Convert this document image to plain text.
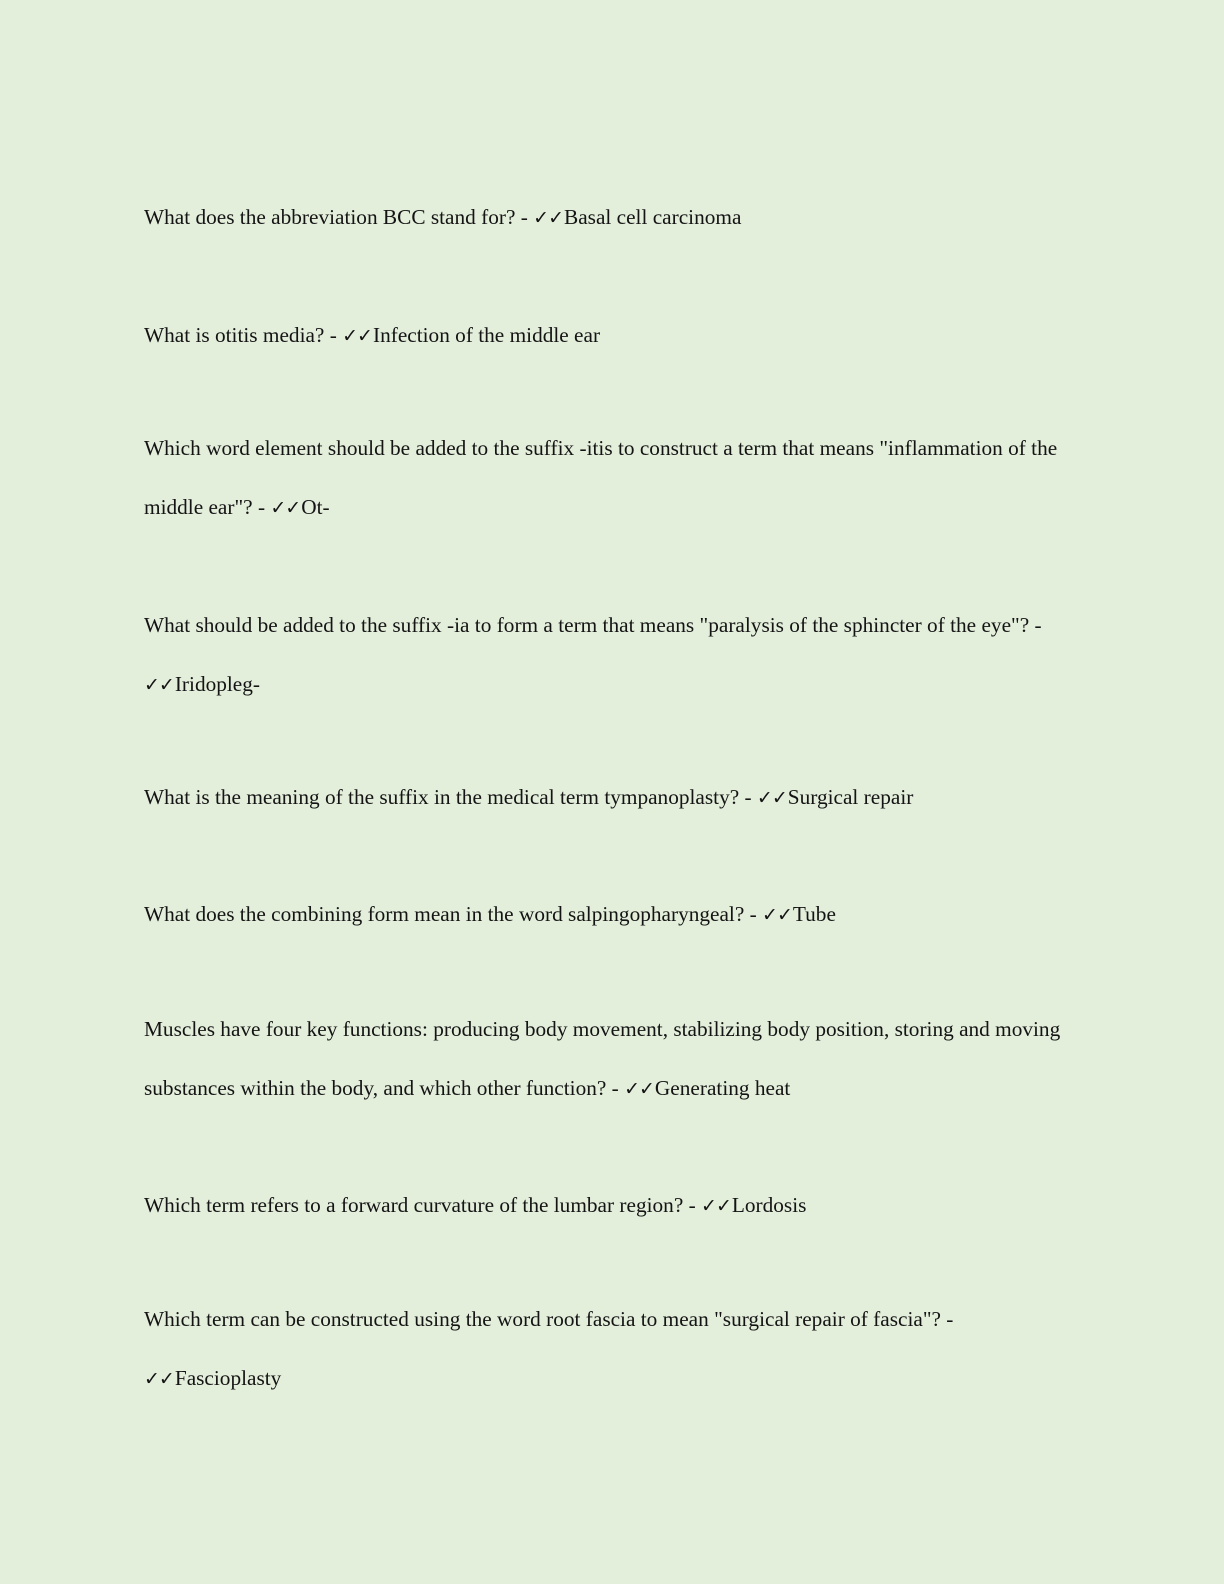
What does the abbreviation BCC stand for? - ✓✓Basal cell carcinoma

What is otitis media? - ✓✓Infection of the middle ear

Which word element should be added to the suffix -itis to construct a term that means "inflammation of the middle ear"? - ✓✓Ot-

What should be added to the suffix -ia to form a term that means "paralysis of the sphincter of the eye"? - ✓✓Iridopleg-

What is the meaning of the suffix in the medical term tympanoplasty? - ✓✓Surgical repair

What does the combining form mean in the word salpingopharyngeal? - ✓✓Tube

Muscles have four key functions: producing body movement, stabilizing body position, storing and moving substances within the body, and which other function? - ✓✓Generating heat

Which term refers to a forward curvature of the lumbar region? - ✓✓Lordosis

Which term can be constructed using the word root fascia to mean "surgical repair of fascia"? - ✓✓Fascioplasty
